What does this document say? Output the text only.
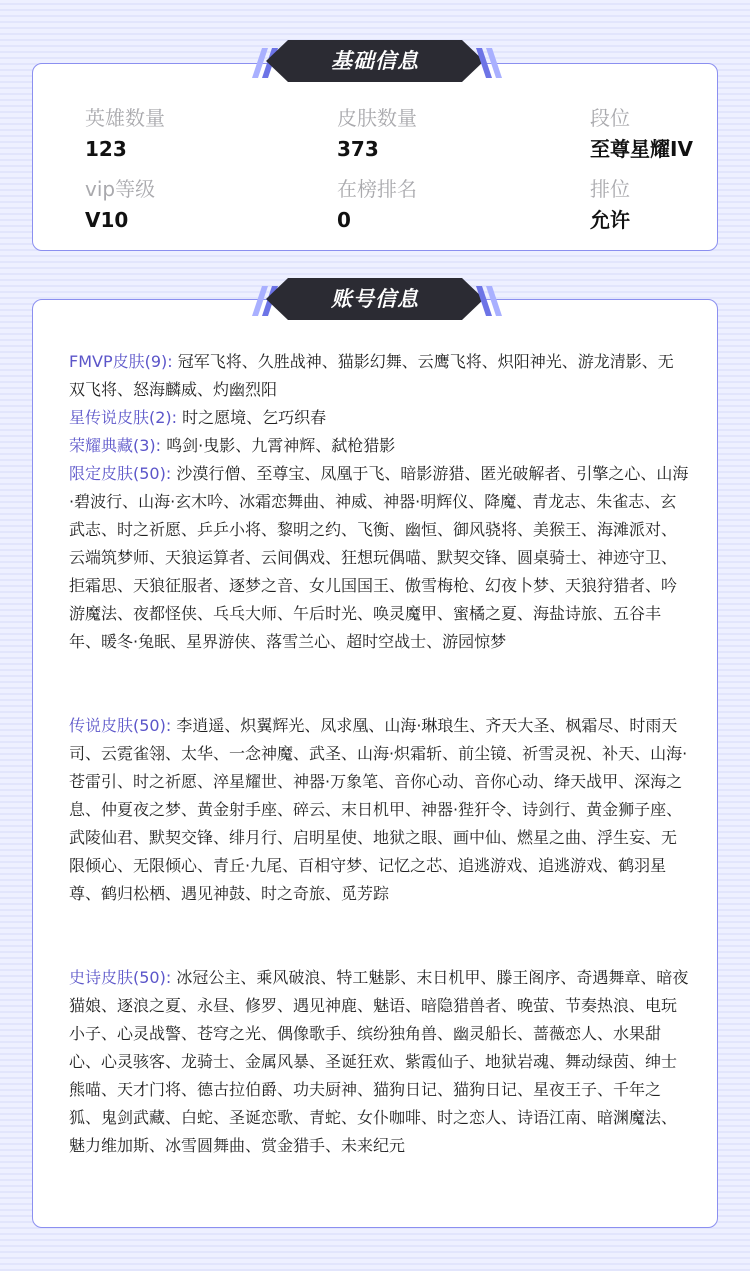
英雄数量
123
皮肤数量
373
段位
至尊星耀IV
vip等级
V10
在榜排名
0
排位
允许
基础信息

FMVP皮肤(9): 冠军飞将、久胜战神、猫影幻舞、云鹰飞将、炽阳神光、游龙清影、无双飞将、怒海麟威、灼幽烈阳

星传说皮肤(2): 时之愿境、乞巧织春

荣耀典藏(3): 鸣剑·曳影、九霄神辉、弑枪猎影

限定皮肤(50): 沙漠行僧、至尊宝、凤凰于飞、暗影游猎、匿光破解者、引擎之心、山海·碧波行、山海·玄木吟、冰霜恋舞曲、神威、神器·明辉仪、降魔、青龙志、朱雀志、玄武志、时之祈愿、乒乒小将、黎明之约、飞衡、幽恒、御风骁将、美猴王、海滩派对、云端筑梦师、天狼运算者、云间偶戏、狂想玩偶喵、默契交锋、圆桌骑士、神迹守卫、拒霜思、天狼征服者、逐梦之音、女儿国国王、傲雪梅枪、幻夜卜梦、天狼狩猎者、吟游魔法、夜都怪侠、乓乓大师、午后时光、唤灵魔甲、蜜橘之夏、海盐诗旅、五谷丰年、暖冬·兔眠、星界游侠、落雪兰心、超时空战士、游园惊梦

传说皮肤(50): 李逍遥、炽翼辉光、凤求凰、山海·琳琅生、齐天大圣、枫霜尽、时雨天司、云霓雀翎、太华、一念神魔、武圣、山海·炽霜斩、前尘镜、祈雪灵祝、补天、山海·苍雷引、时之祈愿、淬星耀世、神器·万象笔、音你心动、音你心动、绛天战甲、深海之息、仲夏夜之梦、黄金射手座、碎云、末日机甲、神器·狴犴令、诗剑行、黄金狮子座、武陵仙君、默契交锋、绯月行、启明星使、地狱之眼、画中仙、燃星之曲、浮生妄、无限倾心、无限倾心、青丘·九尾、百相守梦、记忆之芯、追逃游戏、追逃游戏、鹤羽星尊、鹤归松栖、遇见神鼓、时之奇旅、觅芳踪

史诗皮肤(50): 冰冠公主、乘风破浪、特工魅影、末日机甲、滕王阁序、奇遇舞章、暗夜猫娘、逐浪之夏、永昼、修罗、遇见神鹿、魅语、暗隐猎兽者、晚萤、节奏热浪、电玩小子、心灵战警、苍穹之光、偶像歌手、缤纷独角兽、幽灵船长、蔷薇恋人、水果甜心、心灵骇客、龙骑士、金属风暴、圣诞狂欢、紫霞仙子、地狱岩魂、舞动绿茵、绅士熊喵、天才门将、德古拉伯爵、功夫厨神、猫狗日记、猫狗日记、星夜王子、千年之狐、鬼剑武藏、白蛇、圣诞恋歌、青蛇、女仆咖啡、时之恋人、诗语江南、暗渊魔法、魅力维加斯、冰雪圆舞曲、赏金猎手、未来纪元

账号信息
